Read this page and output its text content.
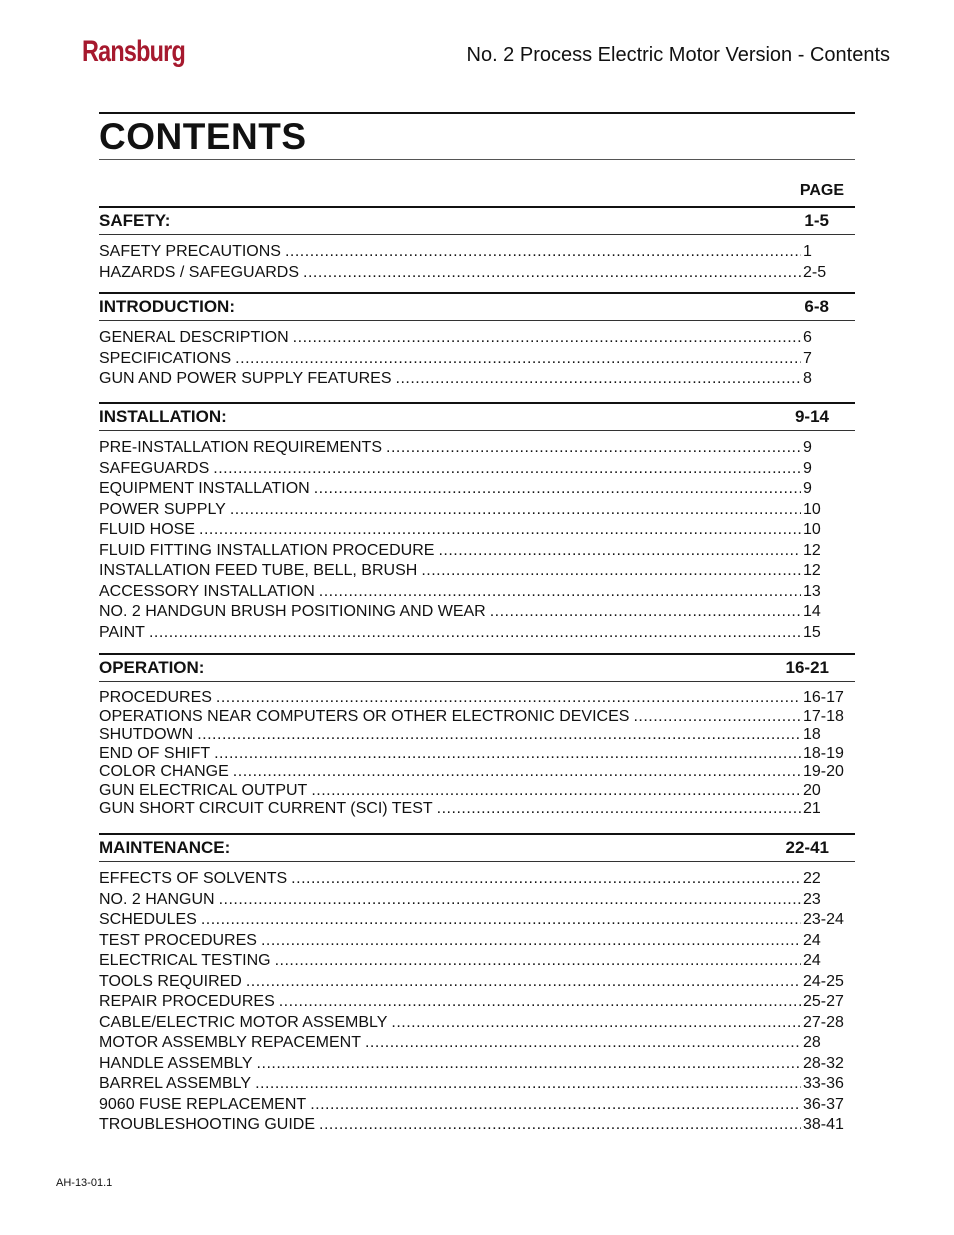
Ransburg	No. 2 Process Electric Motor Version - Contents
CONTENTS
PAGE
SAFETY:	1-5
SAFETY PRECAUTIONS .....	1
HAZARDS / SAFEGUARDS .....	2-5
INTRODUCTION:	6-8
GENERAL DESCRIPTION .....	6
SPECIFICATIONS .....	7
GUN AND POWER SUPPLY FEATURES .....	8
INSTALLATION:	9-14
PRE-INSTALLATION REQUIREMENTS .....	9
SAFEGUARDS .....	9
EQUIPMENT INSTALLATION .....	9
POWER SUPPLY .....	10
FLUID HOSE .....	10
FLUID FITTING INSTALLATION PROCEDURE .....	12
INSTALLATION FEED TUBE, BELL, BRUSH .....	12
ACCESSORY INSTALLATION .....	13
NO. 2 HANDGUN BRUSH POSITIONING AND WEAR .....	14
PAINT .....	15
OPERATION:	16-21
PROCEDURES .....	16-17
OPERATIONS NEAR COMPUTERS OR OTHER ELECTRONIC DEVICES .....	17-18
SHUTDOWN .....	18
END OF SHIFT .....	18-19
COLOR CHANGE .....	19-20
GUN ELECTRICAL OUTPUT .....	20
GUN SHORT CIRCUIT CURRENT (SCI) TEST .....	21
MAINTENANCE:	22-41
EFFECTS OF SOLVENTS .....	22
NO. 2 HANGUN .....	23
SCHEDULES .....	23-24
TEST PROCEDURES .....	24
ELECTRICAL TESTING .....	24
TOOLS REQUIRED .....	24-25
REPAIR PROCEDURES .....	25-27
CABLE/ELECTRIC MOTOR ASSEMBLY .....	27-28
MOTOR ASSEMBLY REPACEMENT .....	28
HANDLE ASSEMBLY .....	28-32
BARREL ASSEMBLY .....	33-36
9060 FUSE REPLACEMENT .....	36-37
TROUBLESHOOTING GUIDE .....	38-41
AH-13-01.1
